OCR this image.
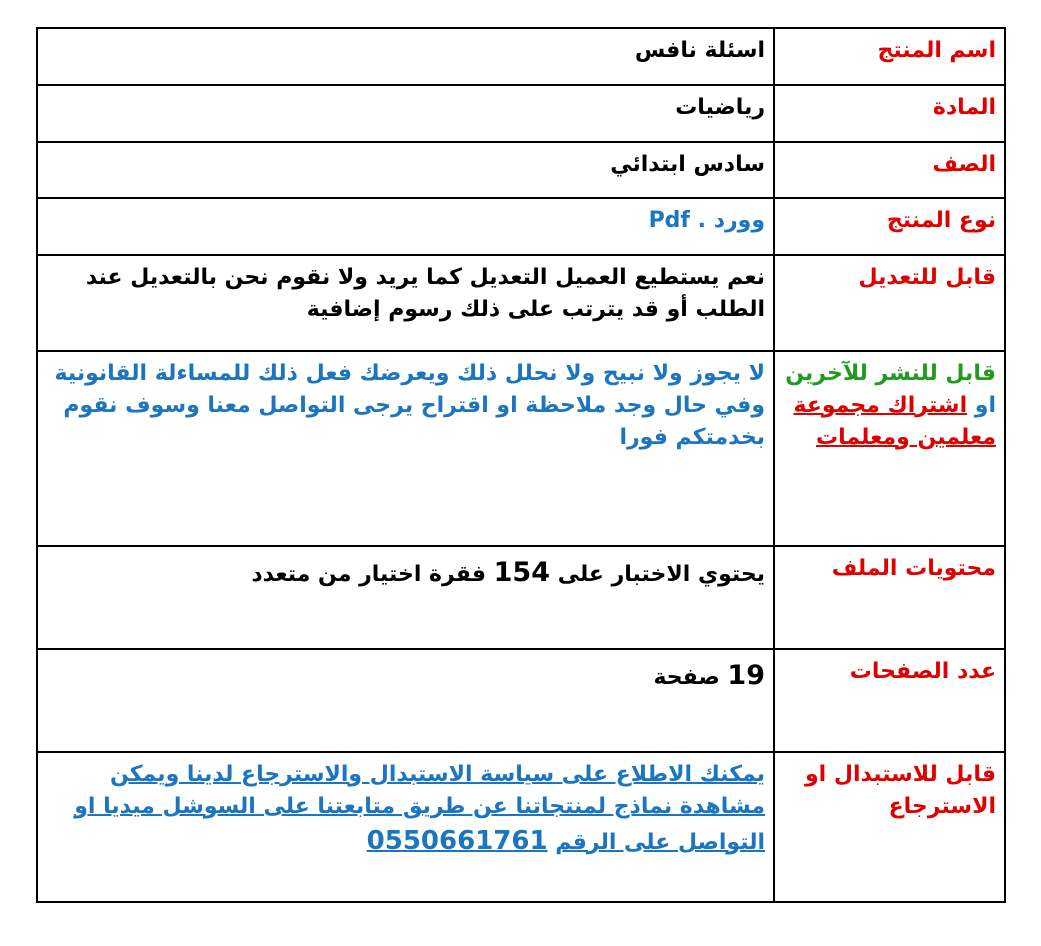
اسم المنتج	اسئلة نافس
المادة	رياضيات
الصف	سادس ابتدائي
نوع المنتج	وورد . Pdf
قابل للتعديل	نعم يستطيع العميل التعديل كما يريد ولا نقوم نحن بالتعديل عند الطلب أو قد يترتب على ذلك رسوم إضافية
قابل للنشر للآخرين او اشتراك مجموعة معلمين ومعلمات	لا يجوز ولا نبيح ولا نحلل ذلك ويعرضك فعل ذلك للمساءلة القانونية وفي حال وجد ملاحظة او اقتراح يرجى التواصل معنا وسوف نقوم بخدمتكم فورا
محتويات الملف	يحتوي الاختبار على 154 فقرة اختيار من متعدد
عدد الصفحات	19 صفحة
قابل للاستبدال او الاسترجاع	يمكنك الاطلاع على سياسة الاستبدال والاسترجاع لدينا ويمكن مشاهدة نماذج لمنتجاتنا عن طريق متابعتنا على السوشل ميديا او التواصل على الرقم 0550661761
